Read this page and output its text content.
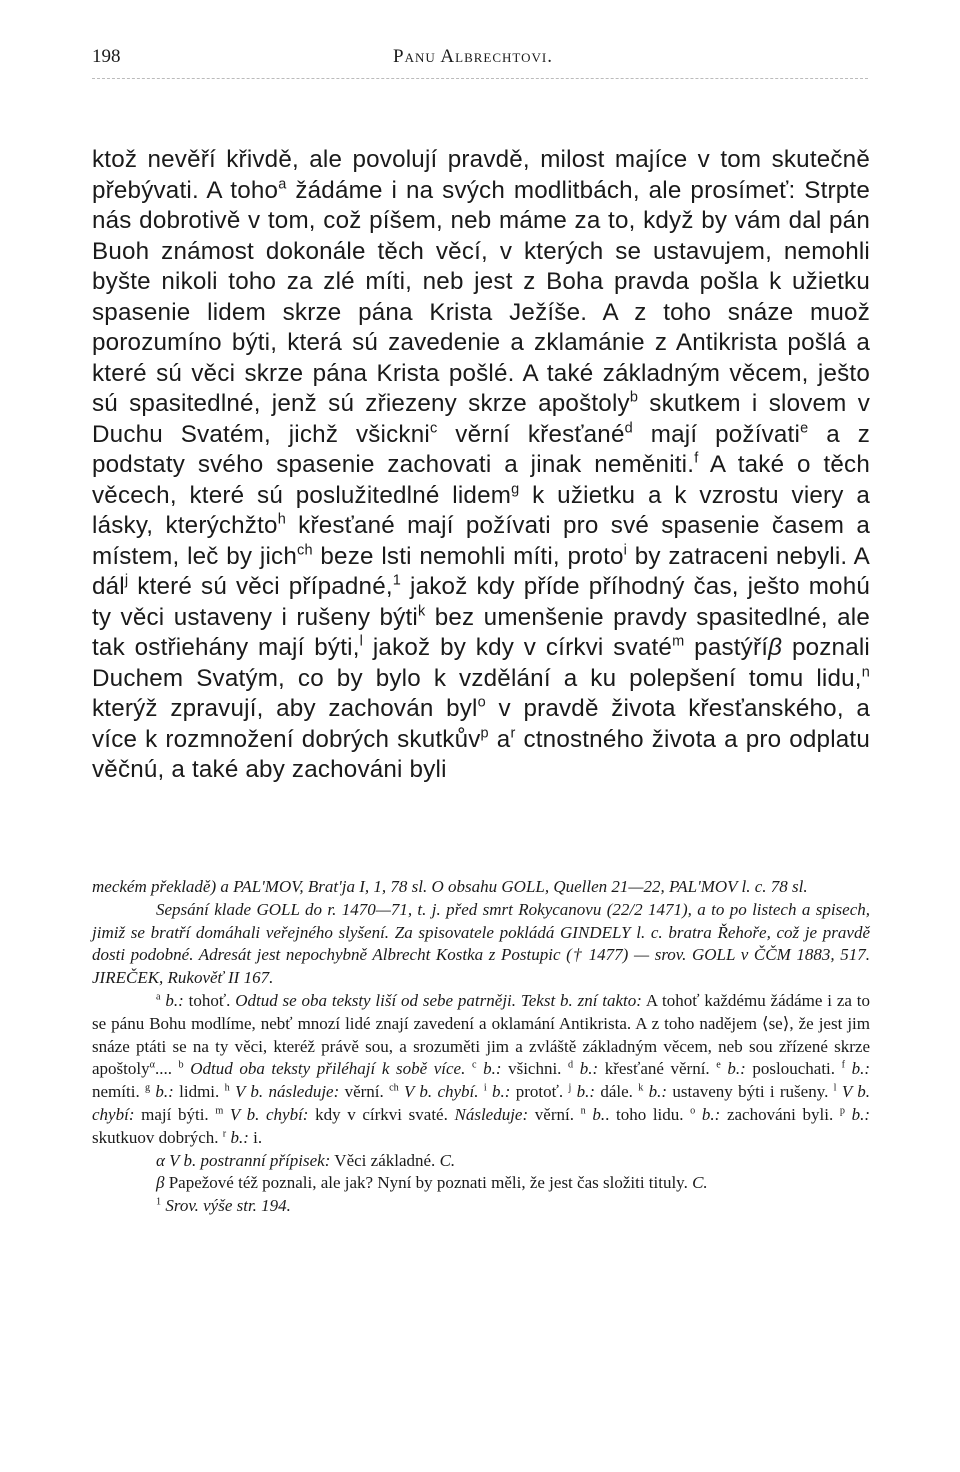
198	Panu Albrechtovi.

ktož nevěří křivdě, ale povolují pravdě, milost majíce v tom skutečně přebývati. A toho$^a$ žádáme i na svých modlitbách, ale prosímeť: Strpte nás dobrotivě v tom, což píšem, neb máme za to, když by vám dal pán Buoh známost dokonále těch věcí, v kterých se ustavujem, nemohli byšte nikoli toho za zlé míti, neb jest z Boha pravda pošla k užietku spasenie lidem skrze pána Krista Ježíše. A z toho snáze muož porozumíno býti, která sú zavedenie a zklamánie z Antikrista pošlá a které sú věci skrze pána Krista pošlé. A také základným věcem, ješto sú spasitedlné, jenž sú zřiezeny skrze apoštoly$^b$ skutkem i slovem v Duchu Svatém, jichž všickni$^c$ věrní křesťané$^d$ mají požívati$^e$ a z podstaty svého spasenie zachovati a jinak neměniti.$^f$ A také o těch věcech, které sú poslužitedlné lidem$^g$ k užietku a k vzrostu viery a lásky, kterýchžto$^h$ křesťané mají požívati pro své spasenie časem a místem, leč by jich$^{ch}$ beze lsti nemohli míti, proto$^i$ by zatraceni nebyli. A dál$^j$ které sú věci případné,$^1$ jakož kdy příde příhodný čas, ješto mohú ty věci ustaveny i rušeny býti$^k$ bez umenšenie pravdy spasitedlné, ale tak ostřiehány mají býti,$^l$ jakož by kdy v církvi svaté$^m$ pastýříβ poznali Duchem Svatým, co by bylo k vzdělání a ku polepšení tomu lidu,$^n$ kterýž zpravují, aby zachován byl$^o$ v pravdě života křesťanského, a více k rozmnožení dobrých skutkův$^p$ $a^r$ ctnostného života a pro odplatu věčnú, a také aby zachováni byli

meckém překladě) a PAL'MOV, Brat'ja I, 1, 78 sl. O obsahu GOLL, Quellen 21—22, PAL'MOV l. c. 78 sl.

Sepsání klade GOLL do r. 1470—71, t. j. před smrt Rokycanovu (22/2 1471), a to po listech a spisech, jimiž se bratří domáhali veřejného slyšení. Za spisovatele pokládá GINDELY l. c. bratra Řehoře, což je pravdě dosti podobné. Adresát jest nepochybně Albrecht Kostka z Postupic († 1477) — srov. GOLL v ČČM 1883, 517. JIREČEK, Rukověť II 167.

$^a$ b.: tohoť. Odtud se oba teksty liší od sebe patrněji. Tekst b. zní takto: A tohoť každému žádáme i za to se pánu Bohu modlíme, nebť mnozí lidé znají zavedení a oklamání Antikrista. A z toho nadějem ⟨se⟩, že jest jim snáze ptáti se na ty věci, kteréž právě sou, a srozuměti jim a zvláště základným věcem, neb sou zřízené skrze apoštoly$^\alpha$.... $^b$ Odtud oba teksty přiléhají k sobě více. $^c$ b.: všichni. $^d$ b.: křesťané věrní. $^e$ b.: poslouchati. $^f$ b.: nemíti. $^g$ b.: lidmi. $^h$ V b. následuje: věrní. $^{ch}$ V b. chybí. $^i$ b.: protoť. $^j$ b.: dále. $^k$ b.: ustaveny býti i rušeny. $^l$ V b. chybí: mají býti. $^m$ V b. chybí: kdy v církvi svaté. Následuje: věrní. $^n$ b.. toho lidu. $^o$ b.: zachováni byli. $^p$ b.: skutkuov dobrých. $^r$ b.: i.

α V b. postranní přípisek: Věci základné. C.

β Papežové též poznali, ale jak? Nyní by poznati měli, že jest čas složiti tituly. C.

$^1$ Srov. výše str. 194.
